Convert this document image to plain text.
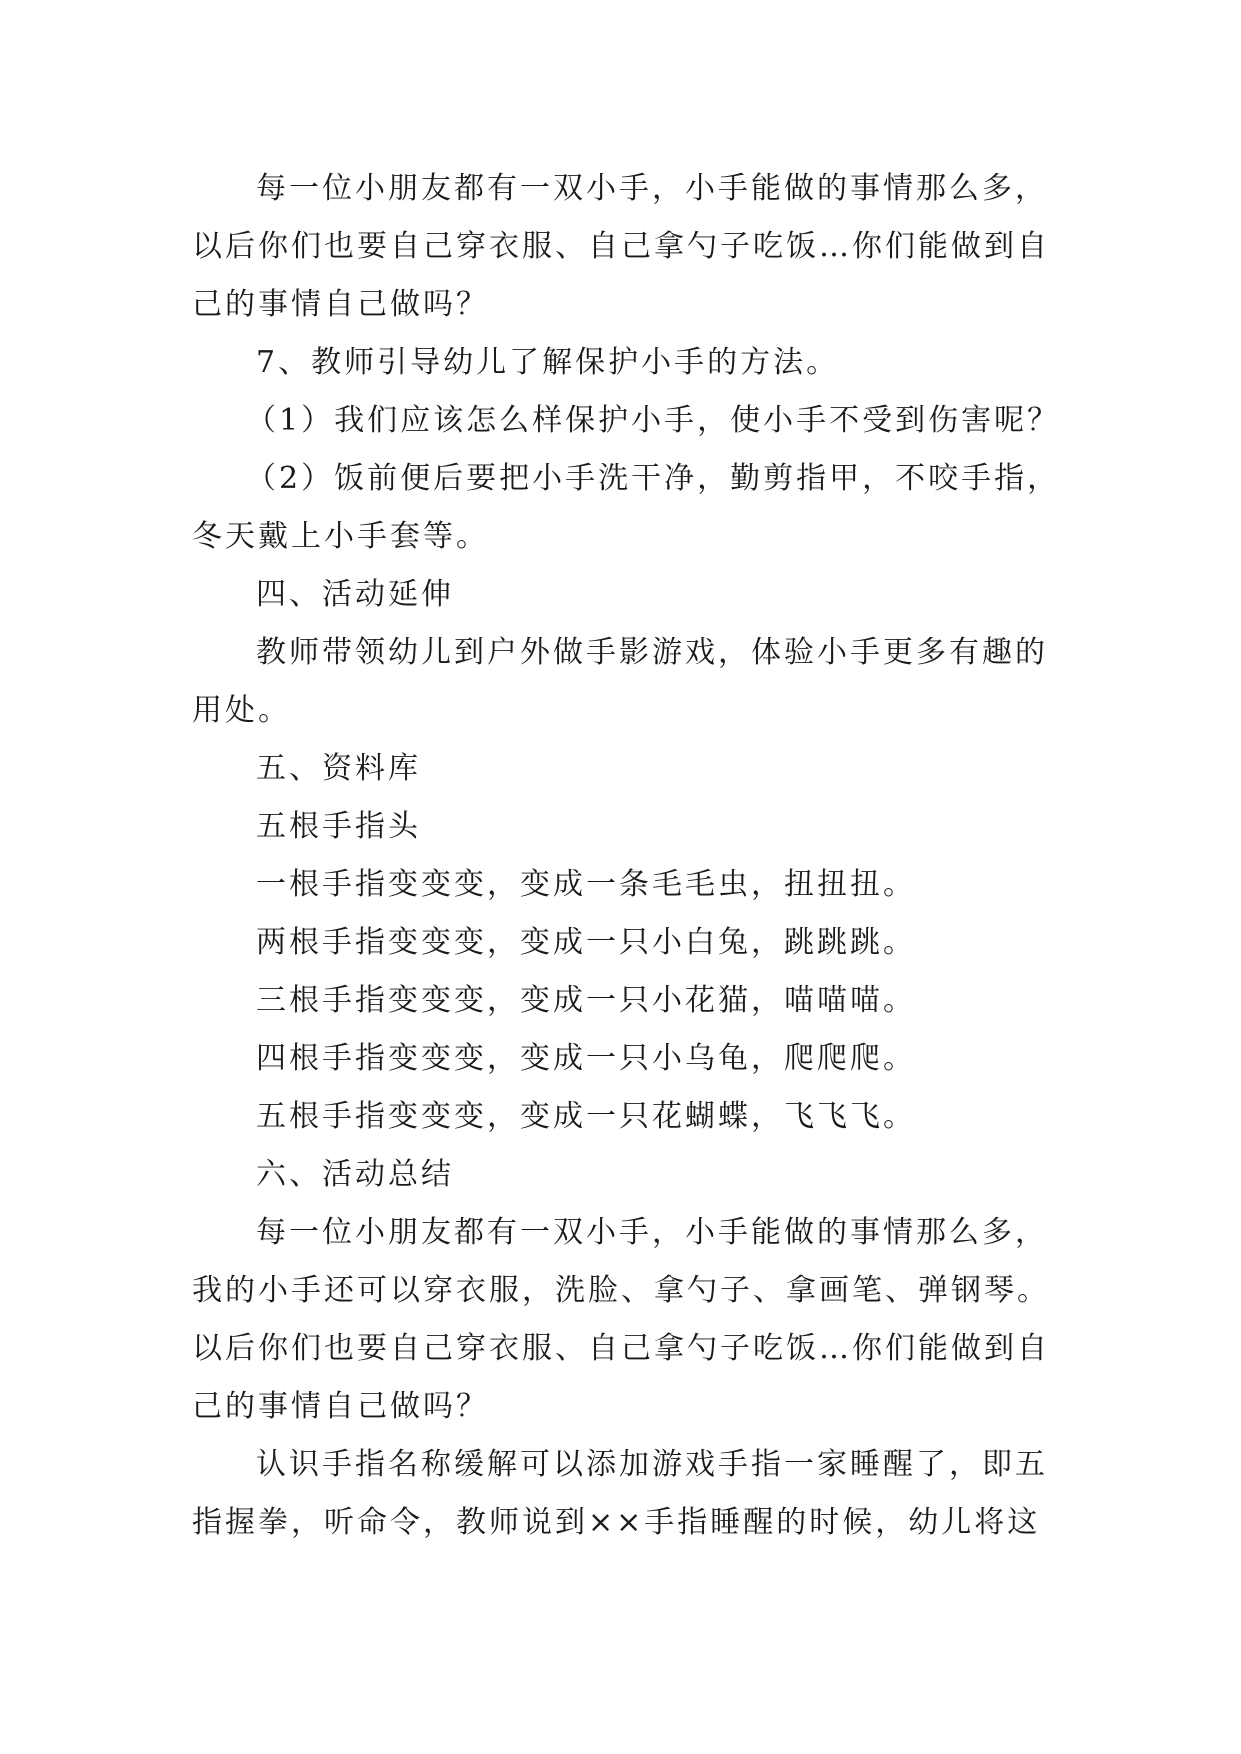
每一位小朋友都有一双小手，小手能做的事情那么多，
以后你们也要自己穿衣服、自己拿勺子吃饭…你们能做到自
己的事情自己做吗？
7、教师引导幼儿了解保护小手的方法。
（1）我们应该怎么样保护小手，使小手不受到伤害呢？
（2）饭前便后要把小手洗干净，勤剪指甲，不咬手指，
冬天戴上小手套等。
四、活动延伸
教师带领幼儿到户外做手影游戏，体验小手更多有趣的
用处。
五、资料库
五根手指头
一根手指变变变，变成一条毛毛虫，扭扭扭。
两根手指变变变，变成一只小白兔，跳跳跳。
三根手指变变变，变成一只小花猫，喵喵喵。
四根手指变变变，变成一只小乌龟，爬爬爬。
五根手指变变变，变成一只花蝴蝶，飞飞飞。
六、活动总结
每一位小朋友都有一双小手，小手能做的事情那么多，
我的小手还可以穿衣服，洗脸、拿勺子、拿画笔、弹钢琴。
以后你们也要自己穿衣服、自己拿勺子吃饭…你们能做到自
己的事情自己做吗？
认识手指名称缓解可以添加游戏手指一家睡醒了，即五
指握拳，听命令，教师说到××手指睡醒的时候，幼儿将这
